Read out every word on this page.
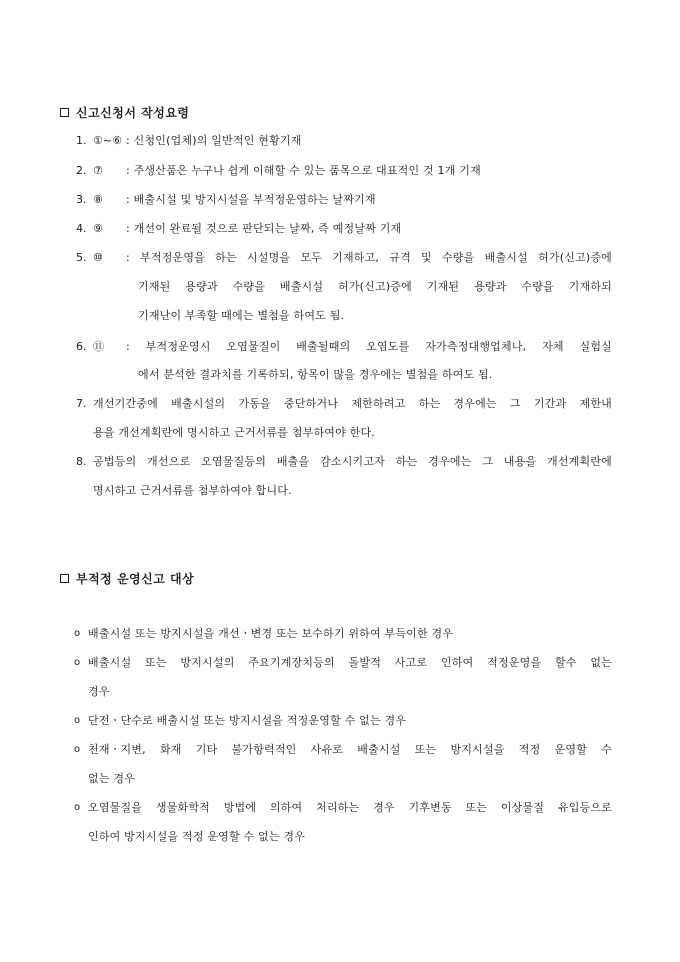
신고신청서 작성요령
1. ①~⑥ : 신청인(업체)의 일반적인 현황기재
2. ⑦ : 주생산품은 누구나 쉽게 이해할 수 있는 품목으로 대표적인 것 1개 기재
3. ⑧ : 배출시설 및 방지시설을 부적정운영하는 날짜기재
4. ⑨ : 개선이 완료될 것으로 판단되는 날짜, 즉 예정날짜 기재
5. ⑩ : 부적정운영을 하는 시설명을 모두 기재하고, 규격 및 수량을 배출시설 허가(신고)증에
기재된 용량과 수량을 배출시설 허가(신고)증에 기재된 용량과 수량을 기재하되
기재난이 부족할 때에는 별첨을 하여도 됨.
6. ⑪ : 부적정운영시 오염물질이 배출될때의 오염도를 자가측정대행업체나, 자체 실험실
에서 분석한 결과치를 기록하되, 항목이 많을 경우에는 별첨을 하여도 됨.
7. 개선기간중에 배출시설의 가동을 중단하거나 제한하려고 하는 경우에는 그 기간과 제한내
용을 개선계획란에 명시하고 근거서류를 첨부하여야 한다.
8. 공법등의 개선으로 오염물질등의 배출을 감소시키고자 하는 경우에는 그 내용을 개선계획란에
명시하고 근거서류를 첨부하여야 합니다.
부적정 운영신고 대상
o 배출시설 또는 방지시설을 개선ㆍ변경 또는 보수하기 위하여 부득이한 경우
o 배출시설 또는 방지시설의 주요기계장치등의 돌발적 사고로 인하여 적정운영을 할수 없는
경우
o 단전ㆍ단수로 배출시설 또는 방지시설을 적정운영할 수 없는 경우
o 천재ㆍ지변, 화재 기타 불가항력적인 사유로 배출시설 또는 방지시설을 적정 운영할 수
없는 경우
o 오염물질을 생물화학적 방법에 의하여 처리하는 경우 기후변동 또는 이상물질 유입등으로
인하여 방지시설을 적정 운영할 수 없는 경우
